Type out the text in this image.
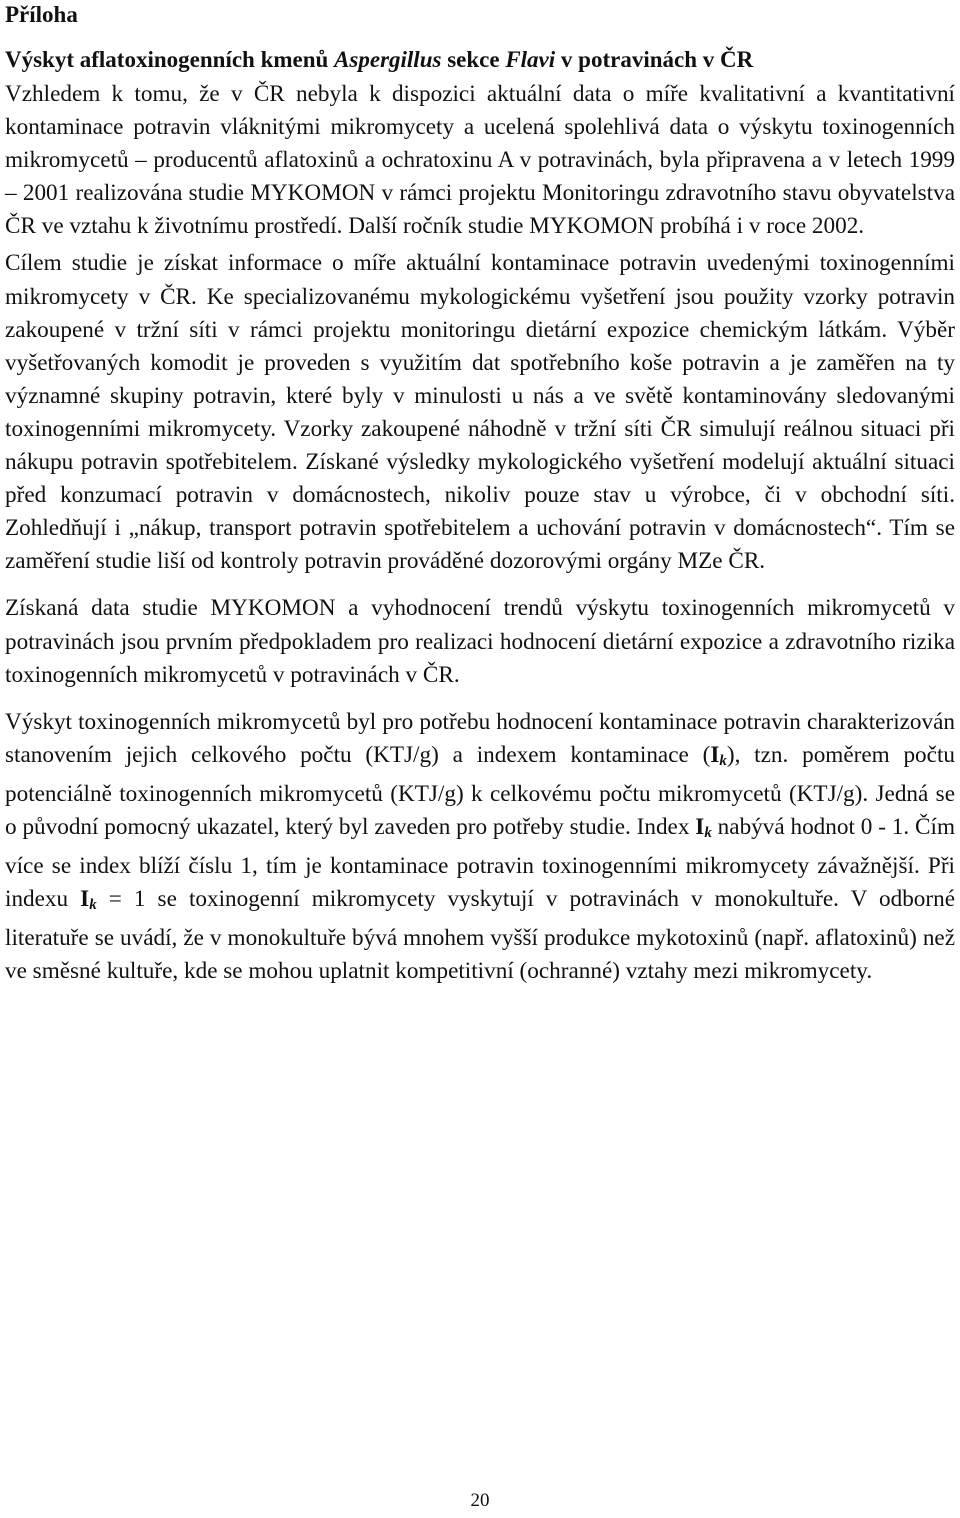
Příloha
Výskyt aflatoxinogenních kmenů Aspergillus sekce Flavi v potravinách v ČR

Vzhledem k tomu, že v ČR nebyla k dispozici aktuální data o míře kvalitativní a kvantitativní kontaminace potravin vláknitými mikromycety a ucelená spolehlivá data o výskytu toxinogenních mikromycetů – producentů aflatoxinů a ochratoxinu A v potravinách, byla připravena a v letech 1999 – 2001 realizována studie MYKOMON v rámci projektu Monitoringu zdravotního stavu obyvatelstva ČR ve vztahu k životnímu prostředí. Další ročník studie MYKOMON probíhá i v roce 2002.

Cílem studie je získat informace o míře aktuální kontaminace potravin uvedenými toxinogenními mikromycety v ČR. Ke specializovanému mykologickému vyšetření jsou použity vzorky potravin zakoupené v tržní síti v rámci projektu monitoringu dietární expozice chemickým látkám. Výběr vyšetřovaných komodit je proveden s využitím dat spotřebního koše potravin a je zaměřen na ty významné skupiny potravin, které byly v minulosti u nás a ve světě kontaminovány sledovanými toxinogenními mikromycety. Vzorky zakoupené náhodně v tržní síti ČR simulují reálnou situaci při nákupu potravin spotřebitelem. Získané výsledky mykologického vyšetření modelují aktuální situaci před konzumací potravin v domácnostech, nikoliv pouze stav u výrobce, či v obchodní síti. Zohledňují i „nákup, transport potravin spotřebitelem a uchování potravin v domácnostech“. Tím se zaměření studie liší od kontroly potravin prováděné dozorovými orgány MZe ČR.

Získaná data studie MYKOMON a vyhodnocení trendů výskytu toxinogenních mikromycetů v potravinách jsou prvním předpokladem pro realizaci hodnocení dietární expozice a zdravotního rizika toxinogenních mikromycetů v potravinách v ČR.

Výskyt toxinogenních mikromycetů byl pro potřebu hodnocení kontaminace potravin charakterizován stanovením jejich celkového počtu (KTJ/g) a indexem kontaminace $(I_k)$, tzn. poměrem počtu potenciálně toxinogenních mikromycetů (KTJ/g) k celkovému počtu mikromycetů (KTJ/g). Jedná se o původní pomocný ukazatel, který byl zaveden pro potřeby studie. Index $I_k$ nabývá hodnot 0 - 1. Čím více se index blíží číslu 1, tím je kontaminace potravin toxinogenními mikromycety závažnější. Při indexu $I_k = 1$ se toxinogenní mikromycety vyskytují v potravinách v monokultuře. V odborné literatuře se uvádí, že v monokultuře bývá mnohem vyšší produkce mykotoxinů (např. aflatoxinů) než ve směsné kultuře, kde se mohou uplatnit kompetitivní (ochranné) vztahy mezi mikromycety.

20
